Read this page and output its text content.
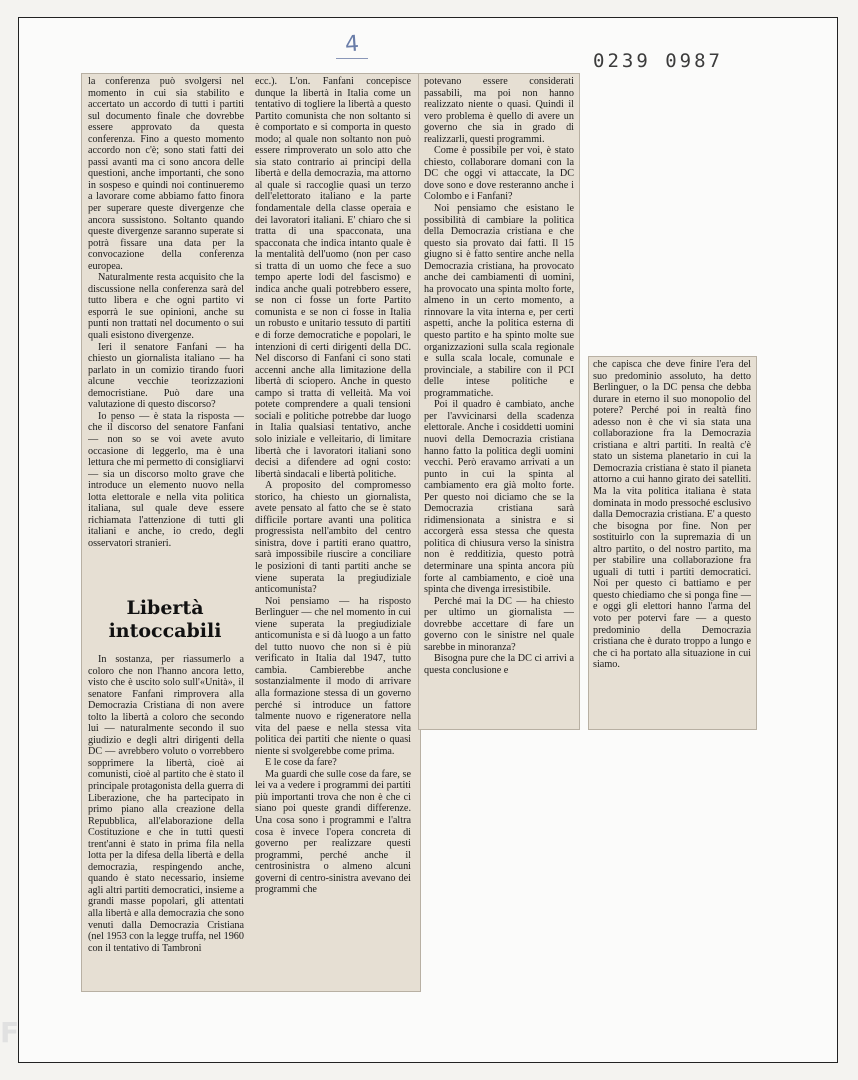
4
0239 0987

la conferenza può svolgersi nel momento in cui sia stabilito e accertato un accordo di tutti i partiti sul documento finale che dovrebbe essere approvato da questa conferenza. Fino a questo momento accordo non c'è; sono stati fatti dei passi avanti ma ci sono ancora delle questioni, anche importanti, che sono in sospeso e quindi noi continueremo a lavorare come abbiamo fatto finora per superare queste divergenze che ancora sussistono. Soltanto quando queste divergenze saranno superate si potrà fissare una data per la convocazione della conferenza europea.

Naturalmente resta acquisito che la discussione nella conferenza sarà del tutto libera e che ogni partito vi esporrà le sue opinioni, anche su punti non trattati nel documento o sui quali esistono divergenze.

Ieri il senatore Fanfani — ha chiesto un giornalista italiano — ha parlato in un comizio tirando fuori alcune vecchie teorizzazioni democristiane. Può dare una valutazione di questo discorso?

Io penso — è stata la risposta — che il discorso del senatore Fanfani — non so se voi avete avuto occasione di leggerlo, ma è una lettura che mi permetto di consigliarvi — sia un discorso molto grave che introduce un elemento nuovo nella lotta elettorale e nella vita politica italiana, sul quale deve essere richiamata l'attenzione di tutti gli italiani e anche, io credo, degli osservatori stranieri.

Libertà intoccabili

In sostanza, per riassumerlo a coloro che non l'hanno ancora letto, visto che è uscito solo sull'«Unità», il senatore Fanfani rimprovera alla Democrazia Cristiana di non avere tolto la libertà a coloro che secondo lui — naturalmente secondo il suo giudizio e degli altri dirigenti della DC — avrebbero voluto o vorrebbero sopprimere la libertà, cioè ai comunisti, cioè al partito che è stato il principale protagonista della guerra di Liberazione, che ha partecipato in primo piano alla creazione della Repubblica, all'elaborazione della Costituzione e che in tutti questi trent'anni è stato in prima fila nella lotta per la difesa della libertà e della democrazia, respingendo anche, quando è stato necessario, insieme agli altri partiti democratici, insieme a grandi masse popolari, gli attentati alla libertà e alla democrazia che sono venuti dalla Democrazia Cristiana (nel 1953 con la legge truffa, nel 1960 con il tentativo di Tambroni

ecc.). L'on. Fanfani concepisce dunque la libertà in Italia come un tentativo di togliere la libertà a questo Partito comunista che non soltanto si è comportato e si comporta in questo modo; al quale non soltanto non può essere rimproverato un solo atto che sia stato contrario ai principi della libertà e della democrazia, ma attorno al quale si raccoglie quasi un terzo dell'elettorato italiano e la parte fondamentale della classe operaia e dei lavoratori italiani. E' chiaro che si tratta di una spacconata, una spacconata che indica intanto quale è la mentalità dell'uomo (non per caso si tratta di un uomo che fece a suo tempo aperte lodi del fascismo) e indica anche quali potrebbero essere, se non ci fosse un forte Partito comunista e se non ci fosse in Italia un robusto e unitario tessuto di partiti e di forze democratiche e popolari, le intenzioni di certi dirigenti della DC. Nel discorso di Fanfani ci sono stati accenni anche alla limitazione della libertà di sciopero. Anche in questo campo si tratta di velleità. Ma voi potete comprendere a quali tensioni sociali e politiche potrebbe dar luogo in Italia qualsiasi tentativo, anche solo iniziale e velleitario, di limitare libertà che i lavoratori italiani sono decisi a difendere ad ogni costo: libertà sindacali e libertà politiche.

A proposito del compromesso storico, ha chiesto un giornalista, avete pensato al fatto che se è stato difficile portare avanti una politica progressista nell'ambito del centro sinistra, dove i partiti erano quattro, sarà impossibile riuscire a conciliare le posizioni di tanti partiti anche se viene superata la pregiudiziale anticomunista?

Noi pensiamo — ha risposto Berlinguer — che nel momento in cui viene superata la pregiudiziale anticomunista e si dà luogo a un fatto del tutto nuovo che non si è più verificato in Italia dal 1947, tutto cambia. Cambierebbe anche sostanzialmente il modo di arrivare alla formazione stessa di un governo perché si introduce un fattore talmente nuovo e rigeneratore nella vita del paese e nella stessa vita politica dei partiti che niente o quasi niente si svolgerebbe come prima.

E le cose da fare?

Ma guardi che sulle cose da fare, se lei va a vedere i programmi dei partiti più importanti trova che non è che ci siano poi queste grandi differenze. Una cosa sono i programmi e l'altra cosa è invece l'opera concreta di governo per realizzare questi programmi, perché anche il centrosinistra o almeno alcuni governi di centro-sinistra avevano dei programmi che

potevano essere considerati passabili, ma poi non hanno realizzato niente o quasi. Quindi il vero problema è quello di avere un governo che sia in grado di realizzarli, questi programmi.

Come è possibile per voi, è stato chiesto, collaborare domani con la DC che oggi vi attaccate, la DC dove sono e dove resteranno anche i Colombo e i Fanfani?

Noi pensiamo che esistano le possibilità di cambiare la politica della Democrazia cristiana e che questo sia provato dai fatti. Il 15 giugno si è fatto sentire anche nella Democrazia cristiana, ha provocato anche dei cambiamenti di uomini, ha provocato una spinta molto forte, almeno in un certo momento, a rinnovare la vita interna e, per certi aspetti, anche la politica esterna di questo partito e ha spinto molte sue organizzazioni sulla scala regionale e sulla scala locale, comunale e provinciale, a stabilire con il PCI delle intese politiche e programmatiche.

Poi il quadro è cambiato, anche per l'avvicinarsi della scadenza elettorale. Anche i cosiddetti uomini nuovi della Democrazia cristiana hanno fatto la politica degli uomini vecchi. Però eravamo arrivati a un punto in cui la spinta al cambiamento era già molto forte. Per questo noi diciamo che se la Democrazia cristiana sarà ridimensionata a sinistra e si accorgerà essa stessa che questa politica di chiusura verso la sinistra non è redditizia, questo potrà determinare una spinta ancora più forte al cambiamento, e cioè una spinta che divenga irresistibile.

Perché mai la DC — ha chiesto per ultimo un giornalista — dovrebbe accettare di fare un governo con le sinistre nel quale sarebbe in minoranza?

Bisogna pure che la DC ci arrivi a questa conclusione e

che capisca che deve finire l'era del suo predominio assoluto, ha detto Berlinguer, o la DC pensa che debba durare in eterno il suo monopolio del potere? Perché poi in realtà fino adesso non è che vi sia stata una collaborazione fra la Democrazia cristiana e altri partiti. In realtà c'è stato un sistema planetario in cui la Democrazia cristiana è stato il pianeta attorno a cui hanno girato dei satelliti. Ma la vita politica italiana è stata dominata in modo pressoché esclusivo dalla Democrazia cristiana. E' a questo che bisogna por fine. Non per sostituirlo con la supremazia di un altro partito, o del nostro partito, ma per stabilire una collaborazione fra uguali di tutti i partiti democratici. Noi per questo ci battiamo e per questo chiediamo che si ponga fine — e oggi gli elettori hanno l'arma del voto per potervi fare — a questo predominio della Democrazia cristiana che è durato troppo a lungo e che ci ha portato alla situazione in cui siamo.

F
